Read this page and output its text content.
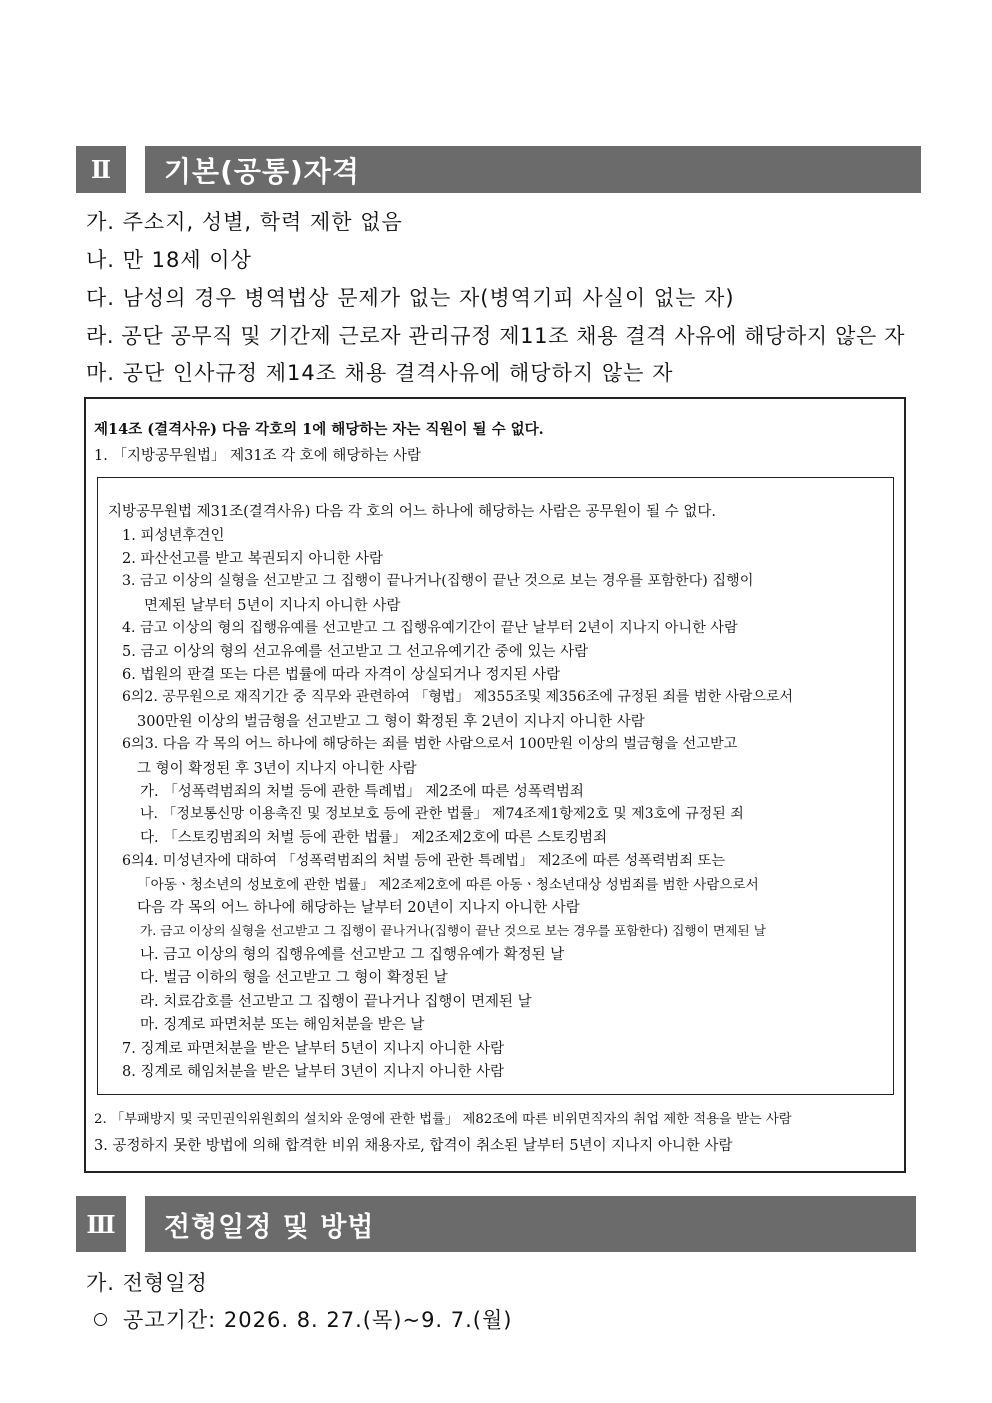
Ⅱ	기본(공통)자격
가. 주소지, 성별, 학력 제한 없음
나. 만 18세 이상
다. 남성의 경우 병역법상 문제가 없는 자(병역기피 사실이 없는 자)
라. 공단 공무직 및 기간제 근로자 관리규정 제11조 채용 결격 사유에 해당하지 않은 자
마. 공단 인사규정 제14조 채용 결격사유에 해당하지 않는 자
제14조 (결격사유) 다음 각호의 1에 해당하는 자는 직원이 될 수 없다.
1. 「지방공무원법」 제31조 각 호에 해당하는 사람
지방공무원법 제31조(결격사유) 다음 각 호의 어느 하나에 해당하는 사람은 공무원이 될 수 없다.
1. 피성년후견인
2. 파산선고를 받고 복권되지 아니한 사람
3. 금고 이상의 실형을 선고받고 그 집행이 끝나거나(집행이 끝난 것으로 보는 경우를 포함한다) 집행이
면제된 날부터 5년이 지나지 아니한 사람
4. 금고 이상의 형의 집행유예를 선고받고 그 집행유예기간이 끝난 날부터 2년이 지나지 아니한 사람
5. 금고 이상의 형의 선고유예를 선고받고 그 선고유예기간 중에 있는 사람
6. 법원의 판결 또는 다른 법률에 따라 자격이 상실되거나 정지된 사람
6의2. 공무원으로 재직기간 중 직무와 관련하여 「형법」 제355조및 제356조에 규정된 죄를 범한 사람으로서
300만원 이상의 벌금형을 선고받고 그 형이 확정된 후 2년이 지나지 아니한 사람
6의3. 다음 각 목의 어느 하나에 해당하는 죄를 범한 사람으로서 100만원 이상의 벌금형을 선고받고
그 형이 확정된 후 3년이 지나지 아니한 사람
가. 「성폭력범죄의 처벌 등에 관한 특례법」 제2조에 따른 성폭력범죄
나. 「정보통신망 이용촉진 및 정보보호 등에 관한 법률」 제74조제1항제2호 및 제3호에 규정된 죄
다. 「스토킹범죄의 처벌 등에 관한 법률」 제2조제2호에 따른 스토킹범죄
6의4. 미성년자에 대하여 「성폭력범죄의 처벌 등에 관한 특례법」 제2조에 따른 성폭력범죄 또는
「아동ㆍ청소년의 성보호에 관한 법률」 제2조제2호에 따른 아동ㆍ청소년대상 성범죄를 범한 사람으로서
다음 각 목의 어느 하나에 해당하는 날부터 20년이 지나지 아니한 사람
가. 금고 이상의 실형을 선고받고 그 집행이 끝나거나(집행이 끝난 것으로 보는 경우를 포함한다) 집행이 면제된 날
나. 금고 이상의 형의 집행유예를 선고받고 그 집행유예가 확정된 날
다. 벌금 이하의 형을 선고받고 그 형이 확정된 날
라. 치료감호를 선고받고 그 집행이 끝나거나 집행이 면제된 날
마. 징계로 파면처분 또는 해임처분을 받은 날
7. 징계로 파면처분을 받은 날부터 5년이 지나지 아니한 사람
8. 징계로 해임처분을 받은 날부터 3년이 지나지 아니한 사람
2. 「부패방지 및 국민권익위원회의 설치와 운영에 관한 법률」 제82조에 따른 비위면직자의 취업 제한 적용을 받는 사람
3. 공정하지 못한 방법에 의해 합격한 비위 채용자로, 합격이 취소된 날부터 5년이 지나지 아니한 사람
Ⅲ	전형일정 및 방법
가. 전형일정
공고기간: 2026. 8. 27.(목)~9. 7.(월)
